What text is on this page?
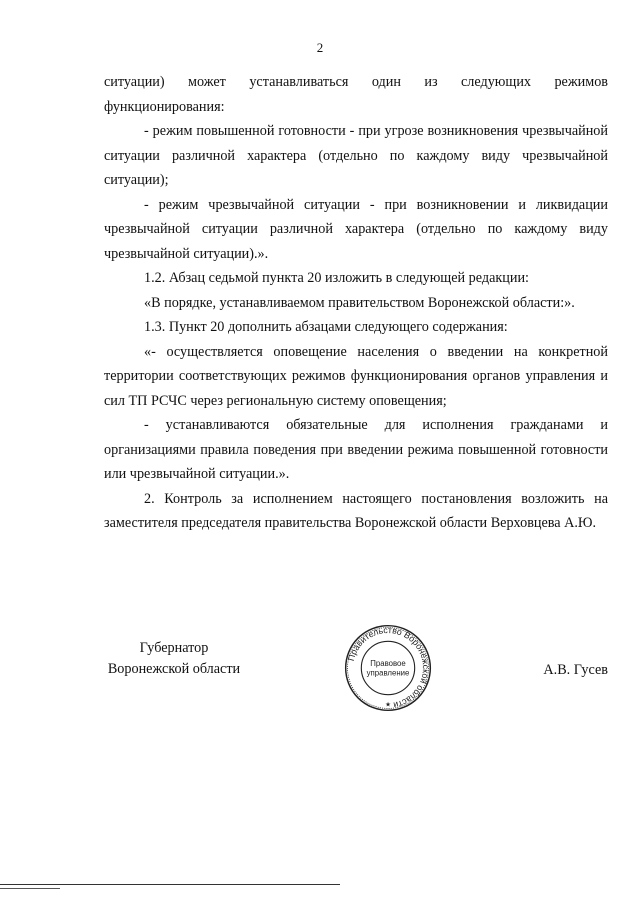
2

ситуации) может устанавливаться один из следующих режимов функционирования:

- режим повышенной готовности - при угрозе возникновения чрезвычайной ситуации различной характера (отдельно по каждому виду чрезвычайной ситуации);

- режим чрезвычайной ситуации - при возникновении и ликвидации чрезвычайной ситуации различной характера (отдельно по каждому виду чрезвычайной ситуации).».

1.2. Абзац седьмой пункта 20 изложить в следующей редакции:

«В порядке, устанавливаемом правительством Воронежской области:».

1.3. Пункт 20 дополнить абзацами следующего содержания:

«- осуществляется оповещение населения о введении на конкретной территории соответствующих режимов функционирования органов управления и сил ТП РСЧС через региональную систему оповещения;

- устанавливаются обязательные для исполнения гражданами и организациями правила поведения при введении режима повышенной готовности или чрезвычайной ситуации.».

2. Контроль за исполнением настоящего постановления возложить на заместителя председателя правительства Воронежской области Верховцева А.Ю.

Губернатор
Воронежской области
Правительство Воронежской области
Правовое
управление
★
А.В. Гусев
